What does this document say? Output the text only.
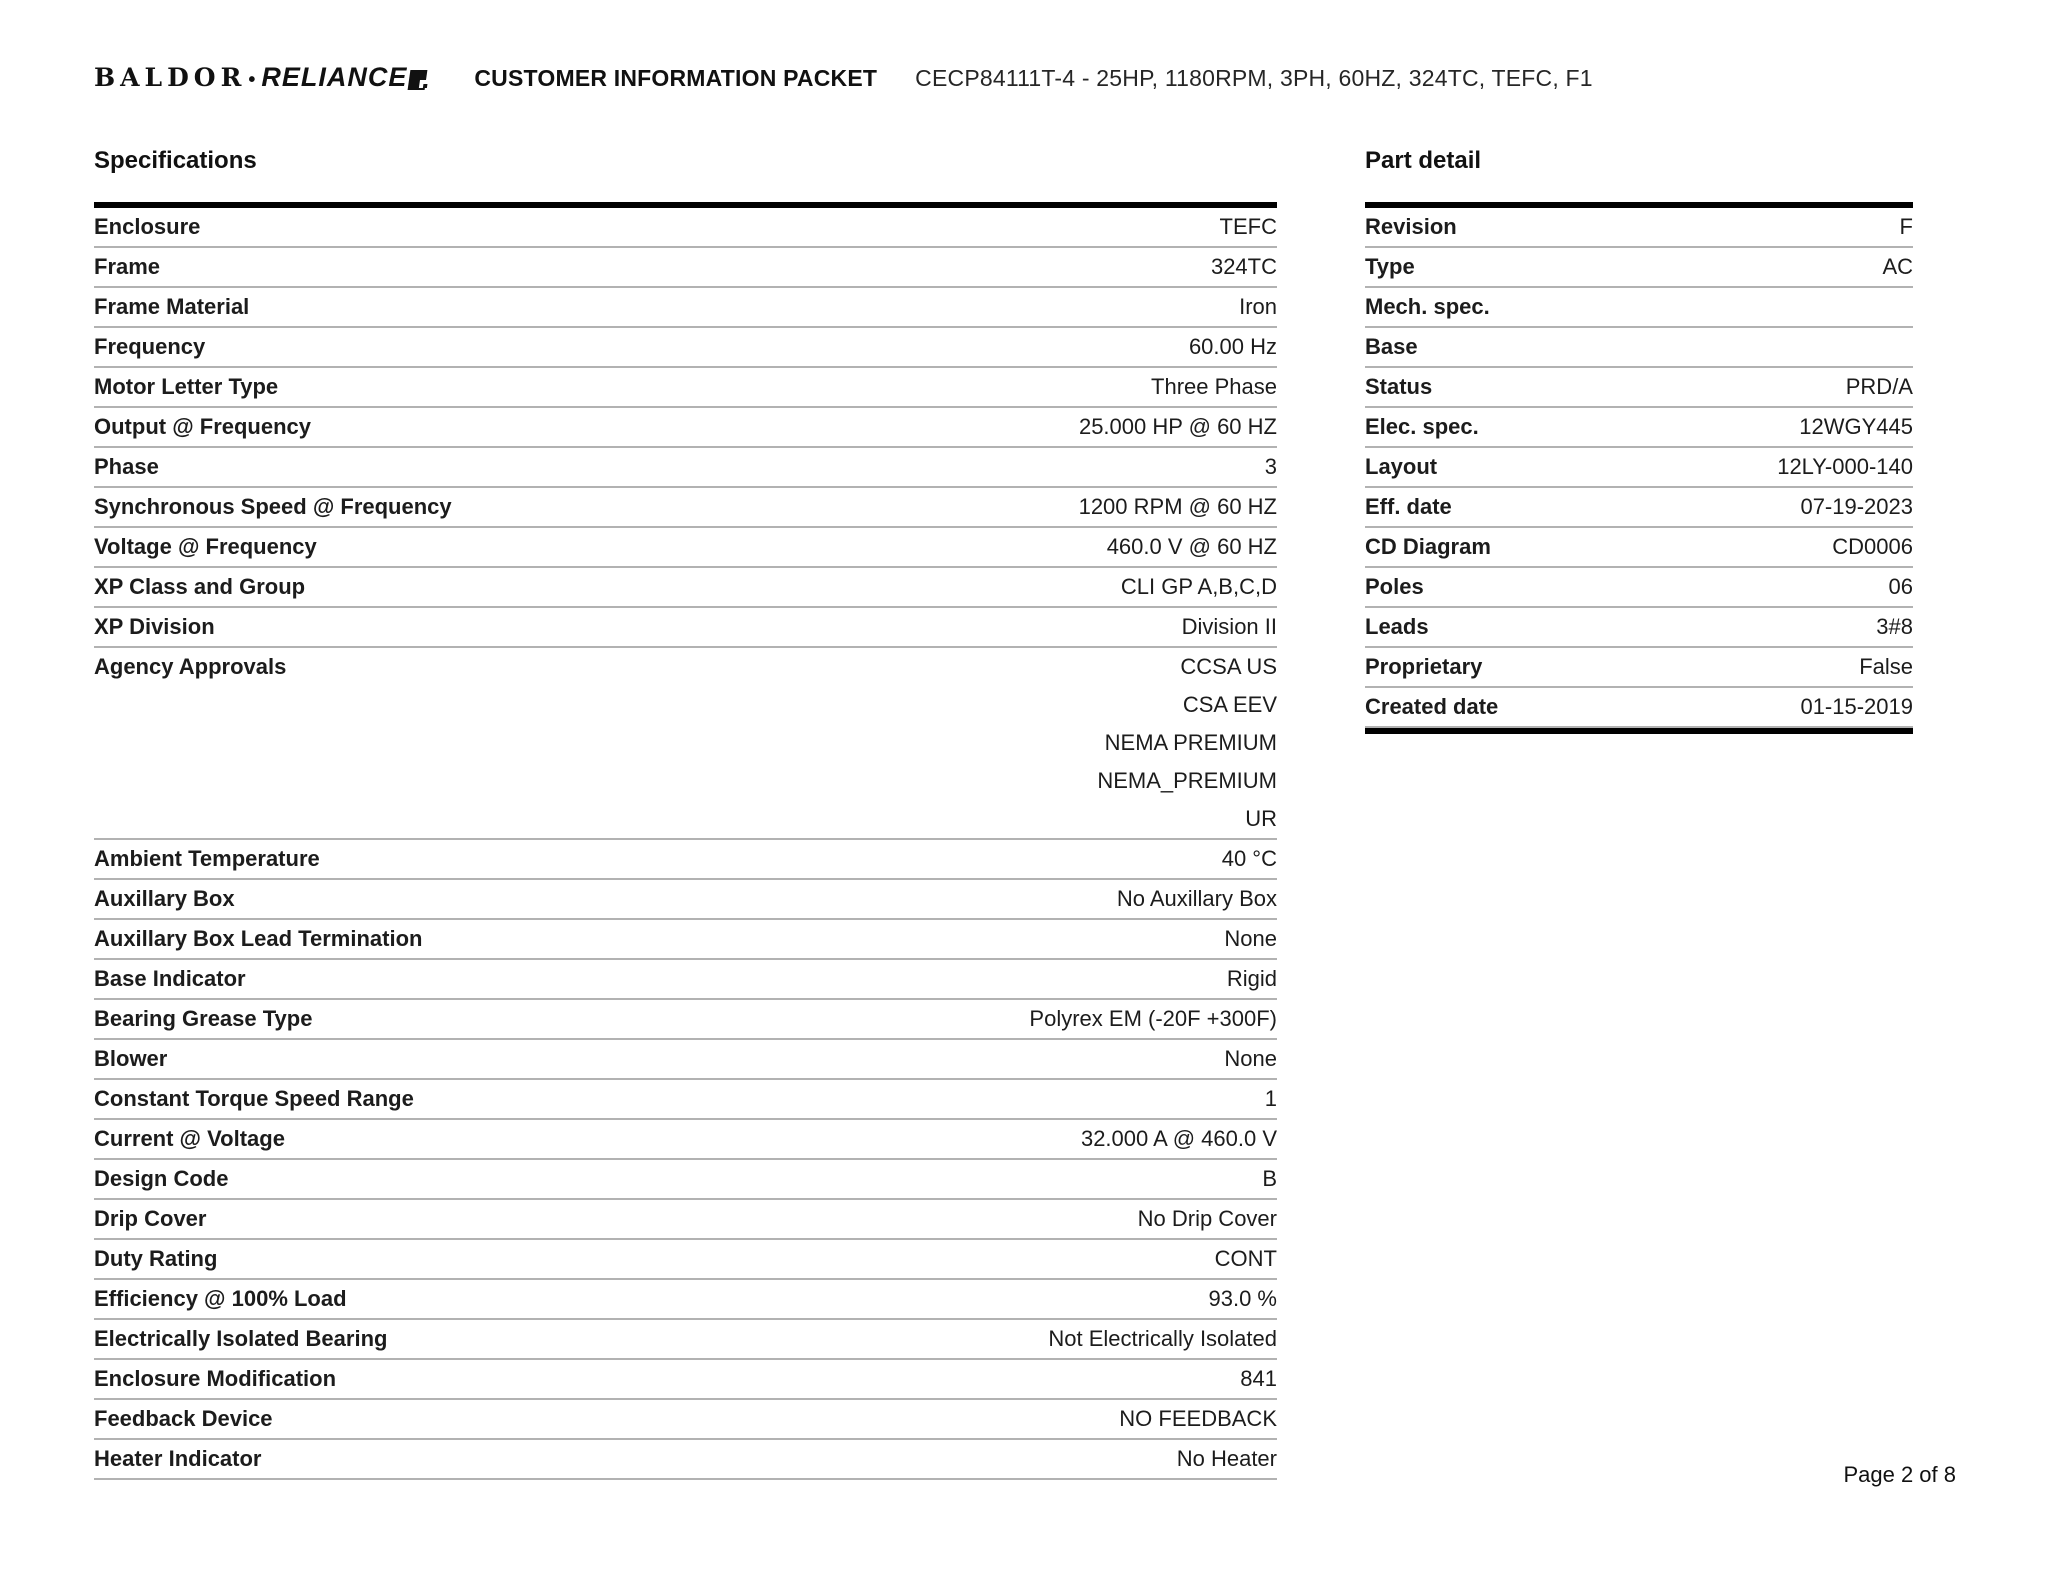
BALDOR • RELIANCE	CUSTOMER INFORMATION PACKET CECP84111T-4 - 25HP, 1180RPM, 3PH, 60HZ, 324TC, TEFC, F1
Specifications
Enclosure	TEFC
Frame	324TC
Frame Material	Iron
Frequency	60.00 Hz
Motor Letter Type	Three Phase
Output @ Frequency	25.000 HP @ 60 HZ
Phase	3
Synchronous Speed @ Frequency	1200 RPM @ 60 HZ
Voltage @ Frequency	460.0 V @ 60 HZ
XP Class and Group	CLI GP A,B,C,D
XP Division	Division II
Agency Approvals	CCSA US
CSA EEV
NEMA PREMIUM
NEMA_PREMIUM
UR
Ambient Temperature	40 °C
Auxillary Box	No Auxillary Box
Auxillary Box Lead Termination	None
Base Indicator	Rigid
Bearing Grease Type	Polyrex EM (-20F +300F)
Blower	None
Constant Torque Speed Range	1
Current @ Voltage	32.000 A @ 460.0 V
Design Code	B
Drip Cover	No Drip Cover
Duty Rating	CONT
Efficiency @ 100% Load	93.0 %
Electrically Isolated Bearing	Not Electrically Isolated
Enclosure Modification	841
Feedback Device	NO FEEDBACK
Heater Indicator	No Heater
Part detail
Revision	F
Type	AC
Mech. spec.
Base
Status	PRD/A
Elec. spec.	12WGY445
Layout	12LY-000-140
Eff. date	07-19-2023
CD Diagram	CD0006
Poles	06
Leads	3#8
Proprietary	False
Created date	01-15-2019
Page 2 of 8
